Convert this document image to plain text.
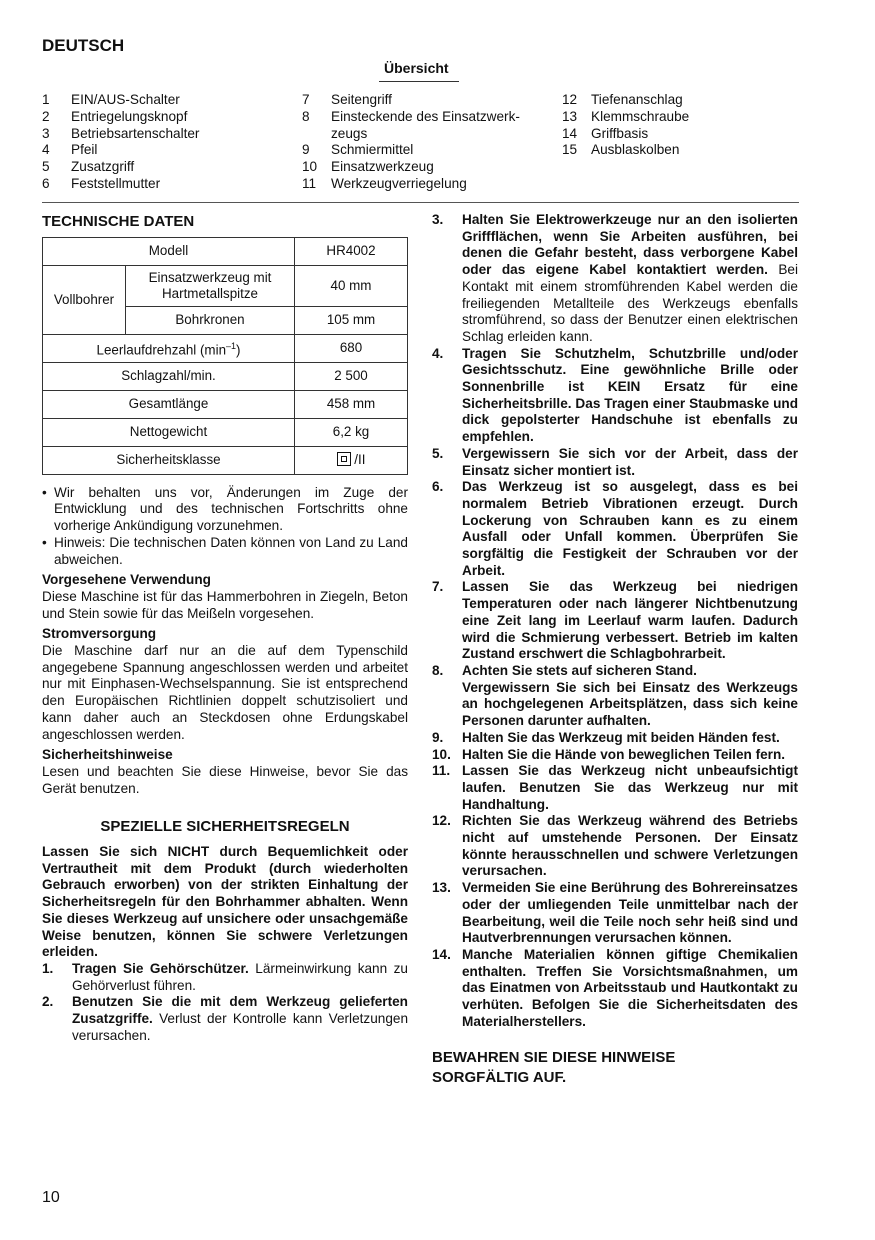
DEUTSCH
Übersicht
1	EIN/AUS-Schalter
2	Entriegelungsknopf
3	Betriebsartenschalter
4	Pfeil
5	Zusatzgriff
6	Feststellmutter
7	Seitengriff
8	Einsteckende des Einsatzwerk-
zeugs
9	Schmiermittel
10	Einsatzwerkzeug
11	Werkzeugverriegelung
12	Tiefenanschlag
13	Klemmschraube
14	Griffbasis
15	Ausblaskolben
TECHNISCHE DATEN
Modell		HR4002
Vollbohrer	Einsatzwerkzeug mit Hartmetallspitze	40 mm
	Bohrkronen	105 mm
Leerlaufdrehzahl $(\min^{-1})$		680
Schlagzahl/min.		2 500
Gesamtlänge		458 mm
Nettogewicht		6,2 kg
Sicherheitsklasse		/II
• Wir behalten uns vor, Änderungen im Zuge der Entwicklung und des technischen Fortschritts ohne vorherige Ankündigung vorzunehmen.
• Hinweis: Die technischen Daten können von Land zu Land abweichen.
Vorgesehene Verwendung

Diese Maschine ist für das Hammerbohren in Ziegeln, Beton und Stein sowie für das Meißeln vorgesehen.

Stromversorgung

Die Maschine darf nur an die auf dem Typenschild angegebene Spannung angeschlossen werden und arbeitet nur mit Einphasen-Wechselspannung. Sie ist entsprechend den Europäischen Richtlinien doppelt schutzisoliert und kann daher auch an Steckdosen ohne Erdungskabel angeschlossen werden.

Sicherheitshinweise

Lesen und beachten Sie diese Hinweise, bevor Sie das Gerät benutzen.

SPEZIELLE SICHERHEITSREGELN

Lassen Sie sich NICHT durch Bequemlichkeit oder Vertrautheit mit dem Produkt (durch wiederholten Gebrauch erworben) von der strikten Einhaltung der Sicherheitsregeln für den Bohrhammer abhalten. Wenn Sie dieses Werkzeug auf unsichere oder unsachgemäße Weise benutzen, können Sie schwere Verletzungen erleiden.

1.	Tragen Sie Gehörschützer. Lärmeinwirkung kann zu Gehörverlust führen.
2.	Benutzen Sie die mit dem Werkzeug gelieferten Zusatzgriffe. Verlust der Kontrolle kann Verletzungen verursachen.
3.	Halten Sie Elektrowerkzeuge nur an den isolierten Griffflächen, wenn Sie Arbeiten ausführen, bei denen die Gefahr besteht, dass verborgene Kabel oder das eigene Kabel kontaktiert werden. Bei Kontakt mit einem stromführenden Kabel werden die freiliegenden Metallteile des Werkzeugs ebenfalls stromführend, so dass der Benutzer einen elektrischen Schlag erleiden kann.
4.	Tragen Sie Schutzhelm, Schutzbrille und/oder Gesichtsschutz. Eine gewöhnliche Brille oder Sonnenbrille ist KEIN Ersatz für eine Sicherheitsbrille. Das Tragen einer Staubmaske und dick gepolsterter Handschuhe ist ebenfalls zu empfehlen.
5.	Vergewissern Sie sich vor der Arbeit, dass der Einsatz sicher montiert ist.
6.	Das Werkzeug ist so ausgelegt, dass es bei normalem Betrieb Vibrationen erzeugt. Durch Lockerung von Schrauben kann es zu einem Ausfall oder Unfall kommen. Überprüfen Sie sorgfältig die Festigkeit der Schrauben vor der Arbeit.
7.	Lassen Sie das Werkzeug bei niedrigen Temperaturen oder nach längerer Nichtbenutzung eine Zeit lang im Leerlauf warm laufen. Dadurch wird die Schmierung verbessert. Betrieb im kalten Zustand erschwert die Schlagbohrarbeit.
8.	Achten Sie stets auf sicheren Stand.
Vergewissern Sie sich bei Einsatz des Werkzeugs an hochgelegenen Arbeitsplätzen, dass sich keine Personen darunter aufhalten.
9.	Halten Sie das Werkzeug mit beiden Händen fest.
10. Halten Sie die Hände von beweglichen Teilen fern.
11. Lassen Sie das Werkzeug nicht unbeaufsichtigt laufen. Benutzen Sie das Werkzeug nur mit Handhaltung.
12. Richten Sie das Werkzeug während des Betriebs nicht auf umstehende Personen. Der Einsatz könnte herausschnellen und schwere Verletzungen verursachen.
13. Vermeiden Sie eine Berührung des Bohrereinsatzes oder der umliegenden Teile unmittelbar nach der Bearbeitung, weil die Teile noch sehr heiß sind und Hautverbrennungen verursachen können.
14. Manche Materialien können giftige Chemikalien enthalten. Treffen Sie Vorsichtsmaßnahmen, um das Einatmen von Arbeitsstaub und Hautkontakt zu verhüten. Befolgen Sie die Sicherheitsdaten des Materialherstellers.
BEWAHREN SIE DIESE HINWEISE
SORGFÄLTIG AUF.
10
